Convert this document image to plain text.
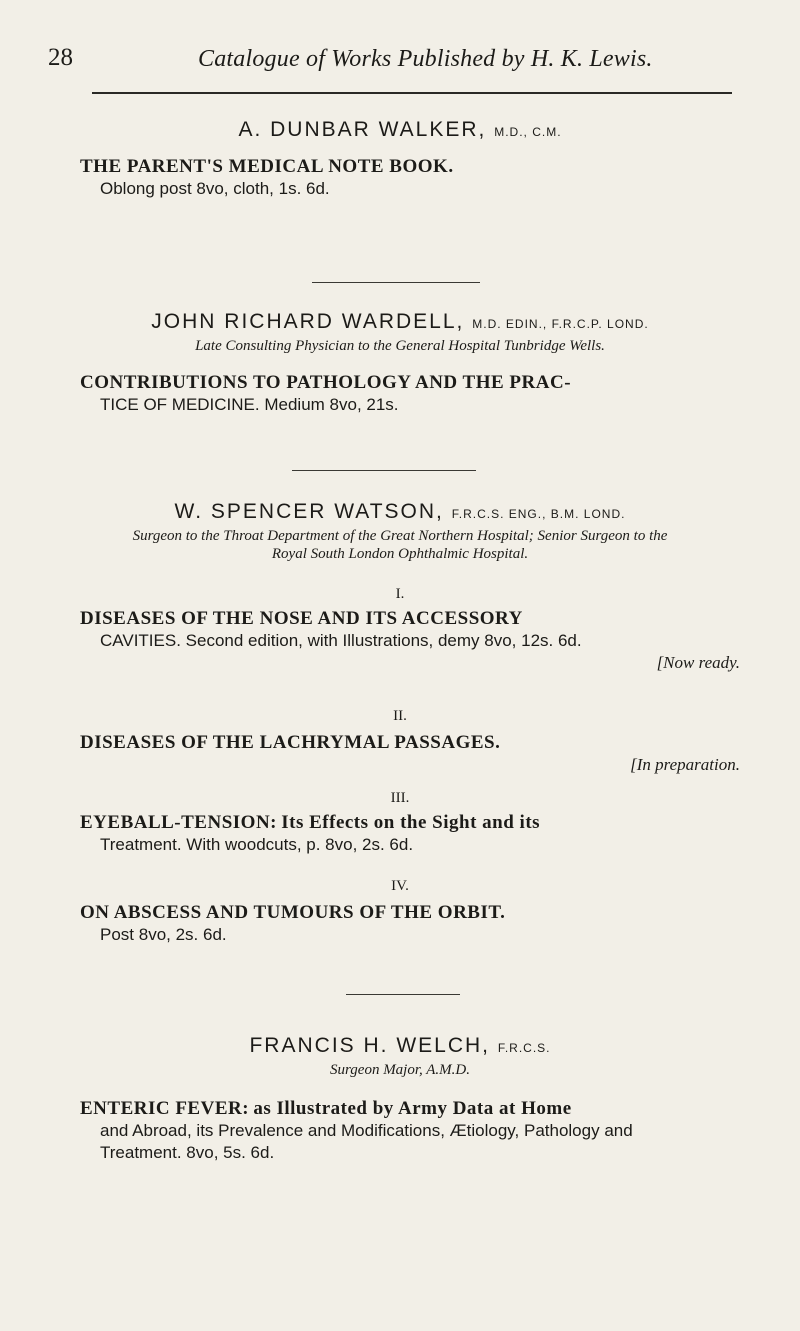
28	Catalogue of Works Published by H. K. Lewis.
A. DUNBAR WALKER, M.D., C.M.
THE PARENT'S MEDICAL NOTE BOOK.
Oblong post 8vo, cloth, 1s. 6d.
JOHN RICHARD WARDELL, M.D. EDIN., F.R.C.P. LOND.
Late Consulting Physician to the General Hospital Tunbridge Wells.
CONTRIBUTIONS TO PATHOLOGY AND THE PRAC-
TICE OF MEDICINE. Medium 8vo, 21s.
W. SPENCER WATSON, F.R.C.S. ENG., B.M. LOND.
Surgeon to the Throat Department of the Great Northern Hospital; Senior Surgeon to the
Royal South London Ophthalmic Hospital.
I.
DISEASES OF THE NOSE AND ITS ACCESSORY
CAVITIES. Second edition, with Illustrations, demy 8vo, 12s. 6d.
[Now ready.
II.
DISEASES OF THE LACHRYMAL PASSAGES.
[In preparation.
III.
EYEBALL-TENSION: Its Effects on the Sight and its
Treatment. With woodcuts, p. 8vo, 2s. 6d.
IV.
ON ABSCESS AND TUMOURS OF THE ORBIT.
Post 8vo, 2s. 6d.
FRANCIS H. WELCH, F.R.C.S.
Surgeon Major, A.M.D.
ENTERIC FEVER: as Illustrated by Army Data at Home
and Abroad, its Prevalence and Modifications, Ætiology, Pathology and
Treatment. 8vo, 5s. 6d.
